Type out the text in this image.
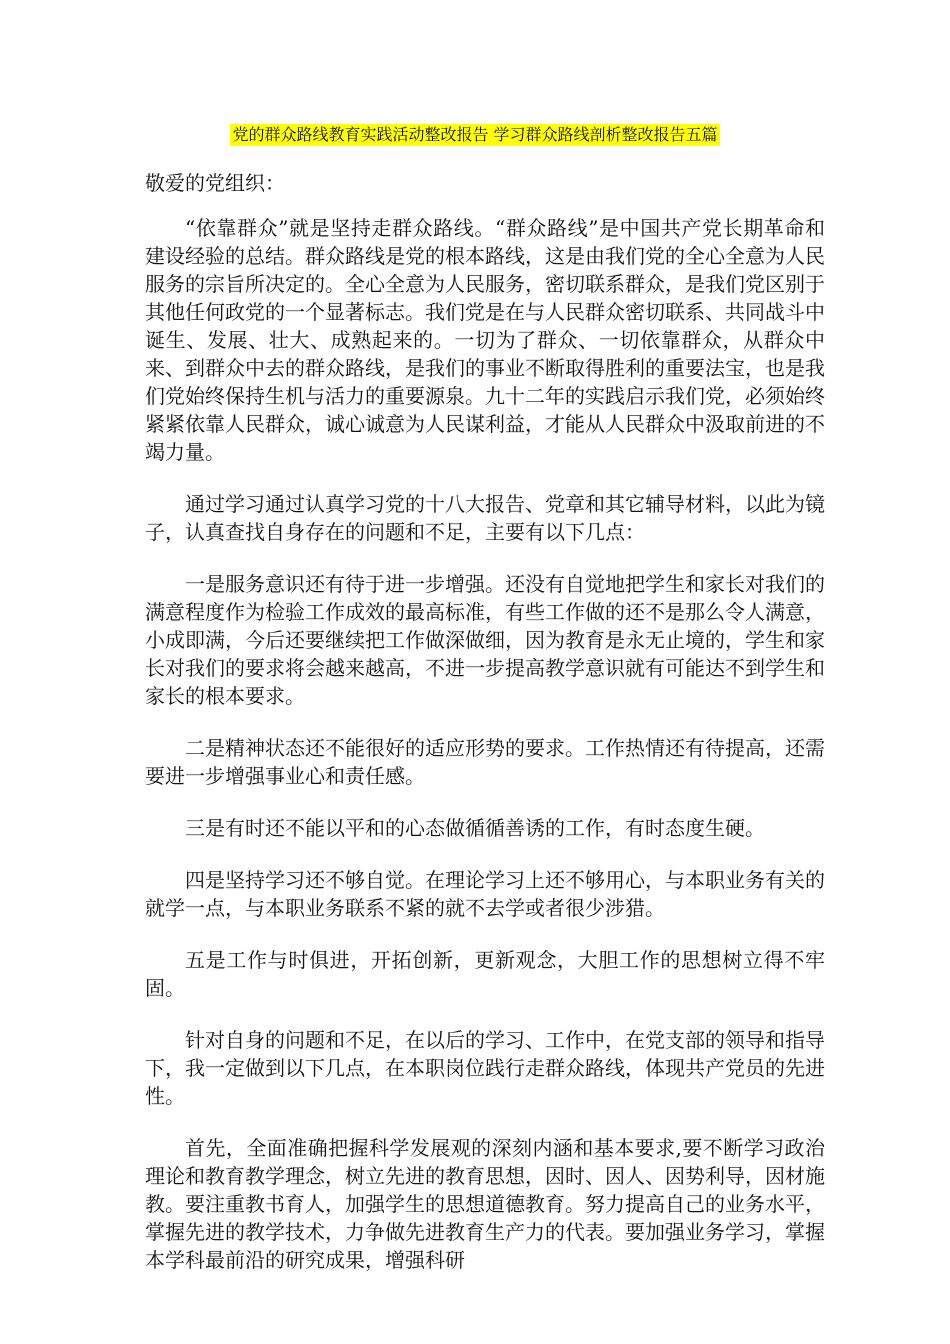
党的群众路线教育实践活动整改报告 学习群众路线剖析整改报告五篇
敬爱的党组织：

“依靠群众”就是坚持走群众路线。“群众路线”是中国共产党长期革命和建设经验的总结。群众路线是党的根本路线，这是由我们党的全心全意为人民服务的宗旨所决定的。全心全意为人民服务，密切联系群众，是我们党区别于其他任何政党的一个显著标志。我们党是在与人民群众密切联系、共同战斗中诞生、发展、壮大、成熟起来的。一切为了群众、一切依靠群众，从群众中来、到群众中去的群众路线，是我们的事业不断取得胜利的重要法宝，也是我们党始终保持生机与活力的重要源泉。九十二年的实践启示我们党，必须始终紧紧依靠人民群众，诚心诚意为人民谋利益，才能从人民群众中汲取前进的不竭力量。

通过学习通过认真学习党的十八大报告、党章和其它辅导材料，以此为镜子，认真查找自身存在的问题和不足，主要有以下几点：

一是服务意识还有待于进一步增强。还没有自觉地把学生和家长对我们的满意程度作为检验工作成效的最高标准，有些工作做的还不是那么令人满意，小成即满，今后还要继续把工作做深做细，因为教育是永无止境的，学生和家长对我们的要求将会越来越高，不进一步提高教学意识就有可能达不到学生和家长的根本要求。

二是精神状态还不能很好的适应形势的要求。工作热情还有待提高，还需要进一步增强事业心和责任感。

三是有时还不能以平和的心态做循循善诱的工作，有时态度生硬。

四是坚持学习还不够自觉。在理论学习上还不够用心，与本职业务有关的就学一点，与本职业务联系不紧的就不去学或者很少涉猎。

五是工作与时俱进，开拓创新，更新观念，大胆工作的思想树立得不牢固。

针对自身的问题和不足，在以后的学习、工作中，在党支部的领导和指导下，我一定做到以下几点，在本职岗位践行走群众路线，体现共产党员的先进性。

首先，全面准确把握科学发展观的深刻内涵和基本要求,要不断学习政治理论和教育教学理念，树立先进的教育思想，因时、因人、因势利导，因材施教。要注重教书育人，加强学生的思想道德教育。努力提高自己的业务水平，掌握先进的教学技术，力争做先进教育生产力的代表。要加强业务学习，掌握本学科最前沿的研究成果，增强科研
